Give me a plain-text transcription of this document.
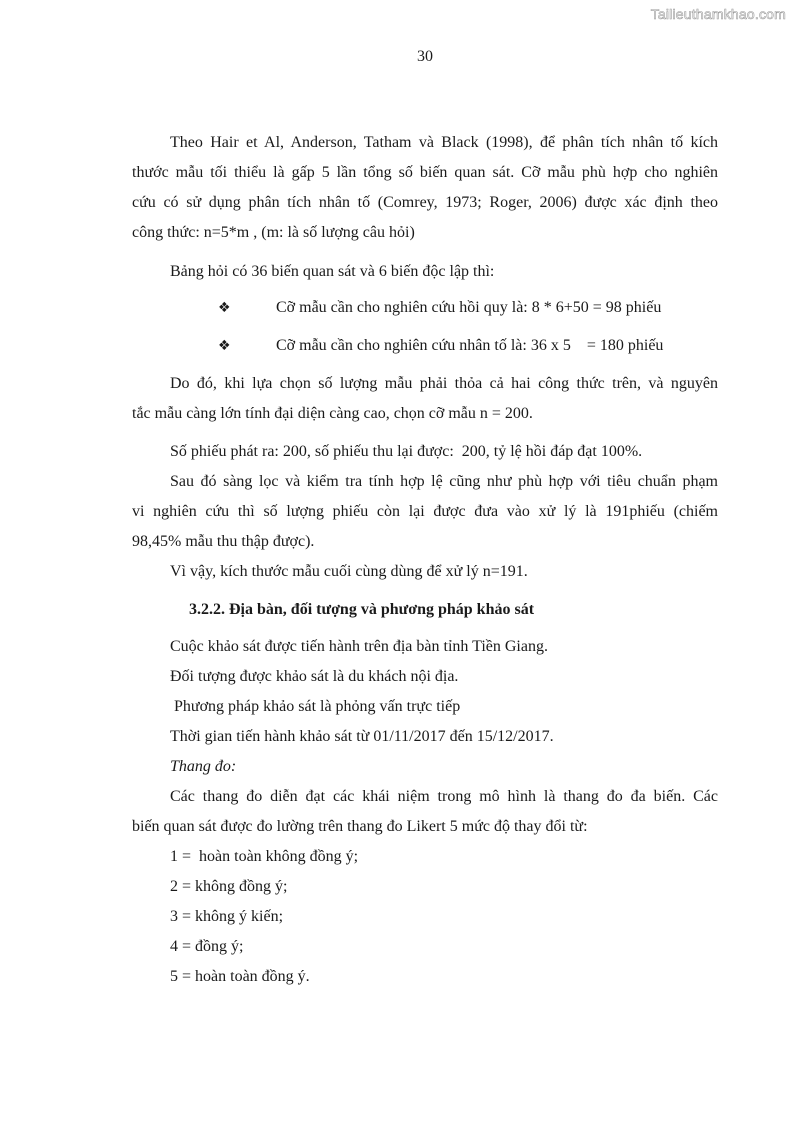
Tailieuthamkhao.com
30
Theo Hair et Al, Anderson, Tatham và Black (1998), để phân tích nhân tố kích
thước mẫu tối thiểu là gấp 5 lần tổng số biến quan sát. Cỡ mẫu phù hợp cho nghiên
cứu có sử dụng phân tích nhân tố (Comrey, 1973; Roger, 2006) được xác định theo
công thức: n=5*m , (m: là số lượng câu hỏi)
Bảng hỏi có 36 biến quan sát và 6 biến độc lập thì:
❖	Cỡ mẫu cần cho nghiên cứu hồi quy là: 8 * 6+50 = 98 phiếu
❖	Cỡ mẫu cần cho nghiên cứu nhân tố là: 36 x 5    = 180 phiếu
Do đó, khi lựa chọn số lượng mẫu phải thỏa cả hai công thức trên, và nguyên
tắc mẫu càng lớn tính đại diện càng cao, chọn cỡ mẫu n = 200.
Số phiếu phát ra: 200, số phiếu thu lại được:  200, tỷ lệ hồi đáp đạt 100%.
Sau đó sàng lọc và kiểm tra tính hợp lệ cũng như phù hợp với tiêu chuẩn phạm
vi nghiên cứu thì số lượng phiếu còn lại được đưa vào xử lý là 191phiếu (chiếm
98,45% mẫu thu thập được).
Vì vậy, kích thước mẫu cuối cùng dùng để xử lý n=191.
3.2.2. Địa bàn, đối tượng và phương pháp khảo sát
Cuộc khảo sát được tiến hành trên địa bàn tỉnh Tiền Giang.
Đối tượng được khảo sát là du khách nội địa.
Phương pháp khảo sát là phỏng vấn trực tiếp
Thời gian tiến hành khảo sát từ 01/11/2017 đến 15/12/2017.
Thang đo:
Các thang đo diễn đạt các khái niệm trong mô hình là thang đo đa biến. Các
biến quan sát được đo lường trên thang đo Likert 5 mức độ thay đổi từ:
1 =  hoàn toàn không đồng ý;
2 = không đồng ý;
3 = không ý kiến;
4 = đồng ý;
5 = hoàn toàn đồng ý.
